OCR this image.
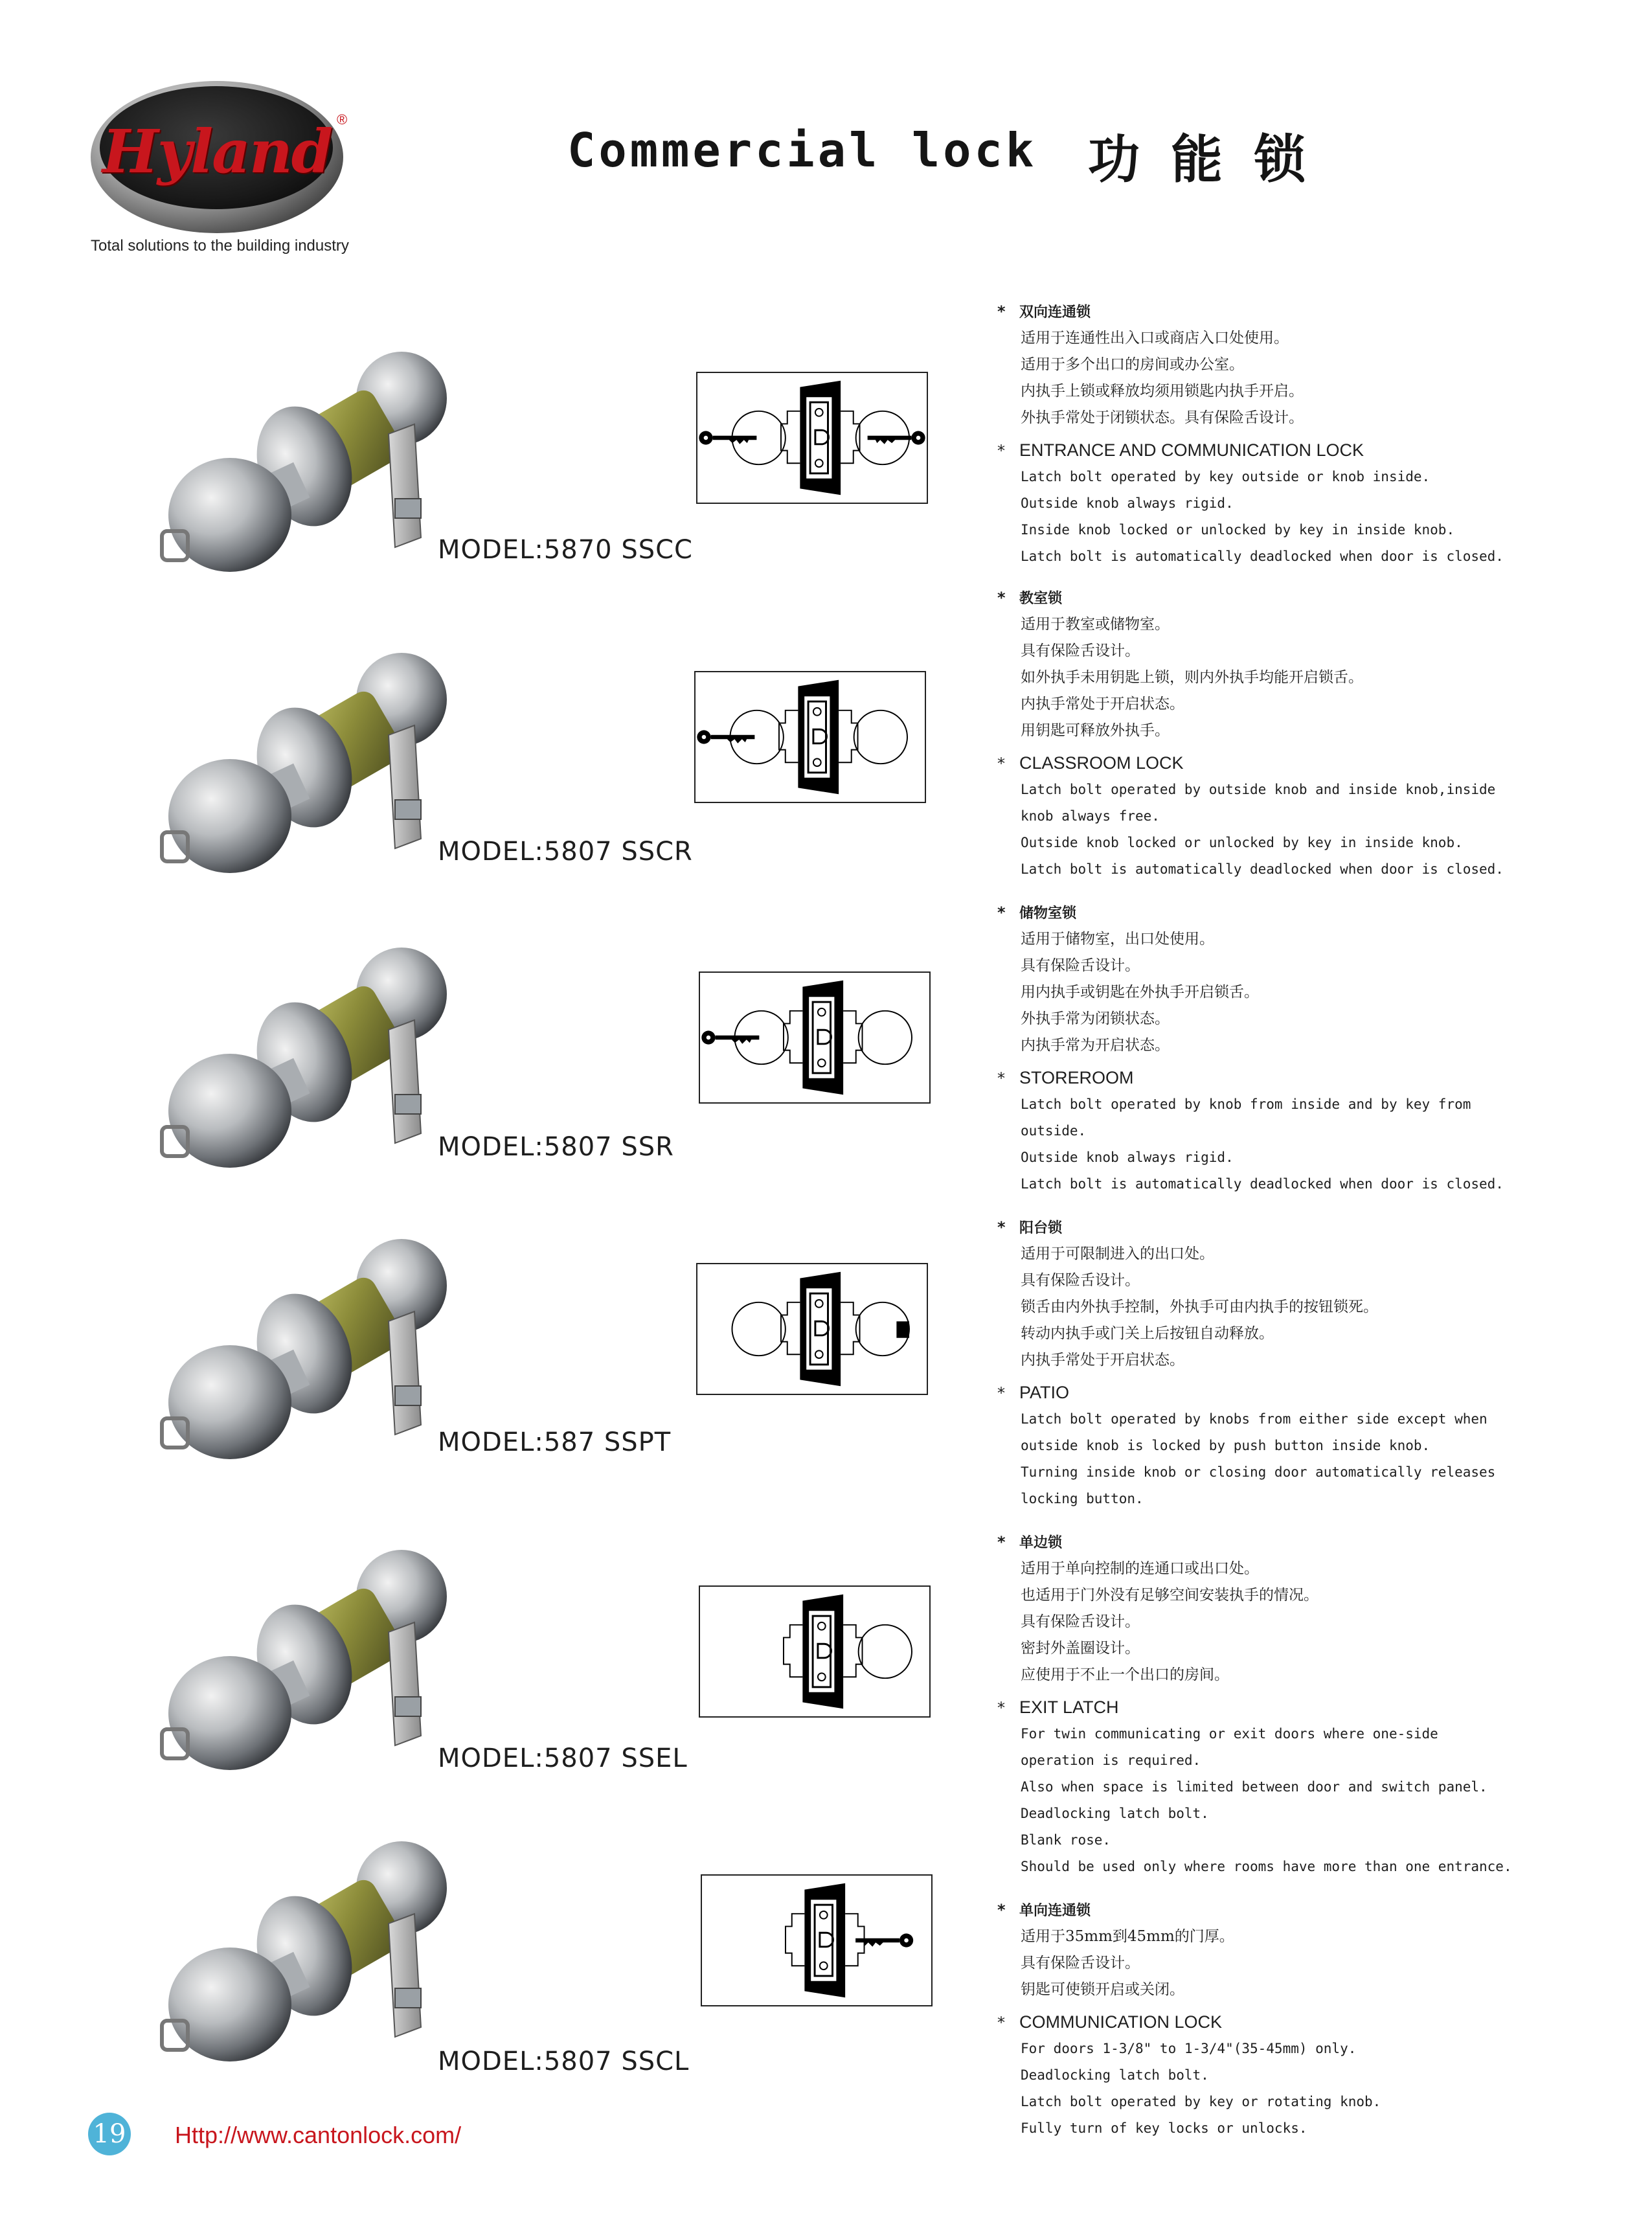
Hyland ®
Total solutions to the building industry
Commercial lock 功能锁
MODEL:5870 SSCC
MODEL:5807 SSCR
MODEL:5807 SSR
MODEL:587 SSPT
MODEL:5807 SSEL
MODEL:5807 SSCL
* 双向连通锁
适用于连通性出入口或商店入口处使用。
适用于多个出口的房间或办公室。
内执手上锁或释放均须用锁匙内执手开启。
外执手常处于闭锁状态。具有保险舌设计。
* ENTRANCE AND COMMUNICATION LOCK
Latch bolt operated by key outside or knob inside.
Outside knob always rigid.
Inside knob locked or unlocked by key in inside knob.
Latch bolt is automatically deadlocked when door is closed.
* 教室锁
适用于教室或储物室。
具有保险舌设计。
如外执手未用钥匙上锁，则内外执手均能开启锁舌。
内执手常处于开启状态。
用钥匙可释放外执手。
* CLASSROOM LOCK
Latch bolt operated by outside knob and inside knob,inside
knob always free.
Outside knob locked or unlocked by key in inside knob.
Latch bolt is automatically deadlocked when door is closed.
* 储物室锁
适用于储物室，出口处使用。
具有保险舌设计。
用内执手或钥匙在外执手开启锁舌。
外执手常为闭锁状态。
内执手常为开启状态。
* STOREROOM
Latch bolt operated by knob from inside and by key from
outside.
Outside knob always rigid.
Latch bolt is automatically deadlocked when door is closed.
* 阳台锁
适用于可限制进入的出口处。
具有保险舌设计。
锁舌由内外执手控制，外执手可由内执手的按钮锁死。
转动内执手或门关上后按钮自动释放。
内执手常处于开启状态。
* PATIO
Latch bolt operated by knobs from either side except when
outside knob is locked by push button inside knob.
Turning inside knob or closing door automatically releases
locking button.
* 单边锁
适用于单向控制的连通口或出口处。
也适用于门外没有足够空间安装执手的情况。
具有保险舌设计。
密封外盖圈设计。
应使用于不止一个出口的房间。
* EXIT LATCH
For twin communicating or exit doors where one-side
operation is required.
Also when space is limited between door and switch panel.
Deadlocking latch bolt.
Blank rose.
Should be used only where rooms have more than one entrance.
* 单向连通锁
适用于35mm到45mm的门厚。
具有保险舌设计。
钥匙可使锁开启或关闭。
* COMMUNICATION LOCK
For doors 1-3/8" to 1-3/4"(35-45mm) only.
Deadlocking latch bolt.
Latch bolt operated by key or rotating knob.
Fully turn of key locks or unlocks.
19 Http://www.cantonlock.com/
